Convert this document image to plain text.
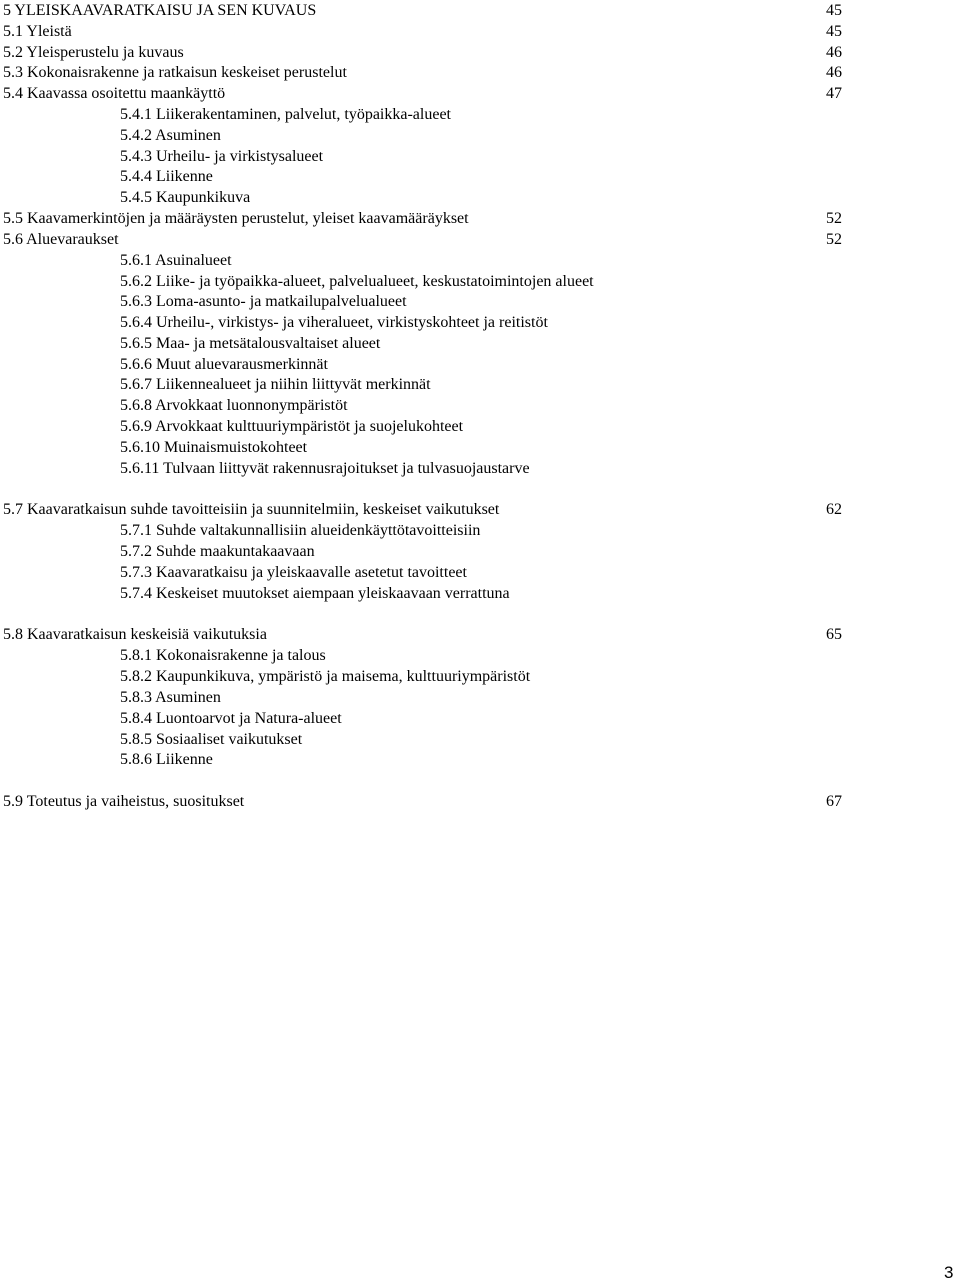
5 YLEISKAAVARATKAISU JA SEN KUVAUS	45
5.1 Yleistä	45
5.2 Yleisperustelu ja kuvaus	46
5.3 Kokonaisrakenne ja ratkaisun keskeiset perustelut	46
5.4 Kaavassa osoitettu maankäyttö	47
5.4.1 Liikerakentaminen, palvelut, työpaikka-alueet
5.4.2 Asuminen
5.4.3 Urheilu- ja virkistysalueet
5.4.4 Liikenne
5.4.5 Kaupunkikuva
5.5 Kaavamerkintöjen ja määräysten perustelut, yleiset kaavamääräykset	52
5.6 Aluevaraukset	52
5.6.1 Asuinalueet
5.6.2 Liike- ja työpaikka-alueet, palvelualueet, keskustatoimintojen alueet
5.6.3 Loma-asunto- ja matkailupalvelualueet
5.6.4 Urheilu-, virkistys- ja viheralueet, virkistyskohteet ja reitistöt
5.6.5 Maa- ja metsätalousvaltaiset alueet
5.6.6 Muut aluevarausmerkinnät
5.6.7 Liikennealueet ja niihin liittyvät merkinnät
5.6.8 Arvokkaat luonnonympäristöt
5.6.9 Arvokkaat kulttuuriympäristöt ja suojelukohteet
5.6.10 Muinaismuistokohteet
5.6.11 Tulvaan liittyvät rakennusrajoitukset ja tulvasuojaustarve
5.7 Kaavaratkaisun suhde tavoitteisiin ja suunnitelmiin, keskeiset vaikutukset	62
5.7.1 Suhde valtakunnallisiin alueidenkäyttötavoitteisiin
5.7.2 Suhde maakuntakaavaan
5.7.3 Kaavaratkaisu ja yleiskaavalle asetetut tavoitteet
5.7.4 Keskeiset muutokset aiempaan yleiskaavaan verrattuna
5.8 Kaavaratkaisun keskeisiä vaikutuksia	65
5.8.1 Kokonaisrakenne ja talous
5.8.2 Kaupunkikuva, ympäristö ja maisema, kulttuuriympäristöt
5.8.3 Asuminen
5.8.4 Luontoarvot ja Natura-alueet
5.8.5 Sosiaaliset vaikutukset
5.8.6 Liikenne
5.9 Toteutus ja vaiheistus, suositukset	67
3
